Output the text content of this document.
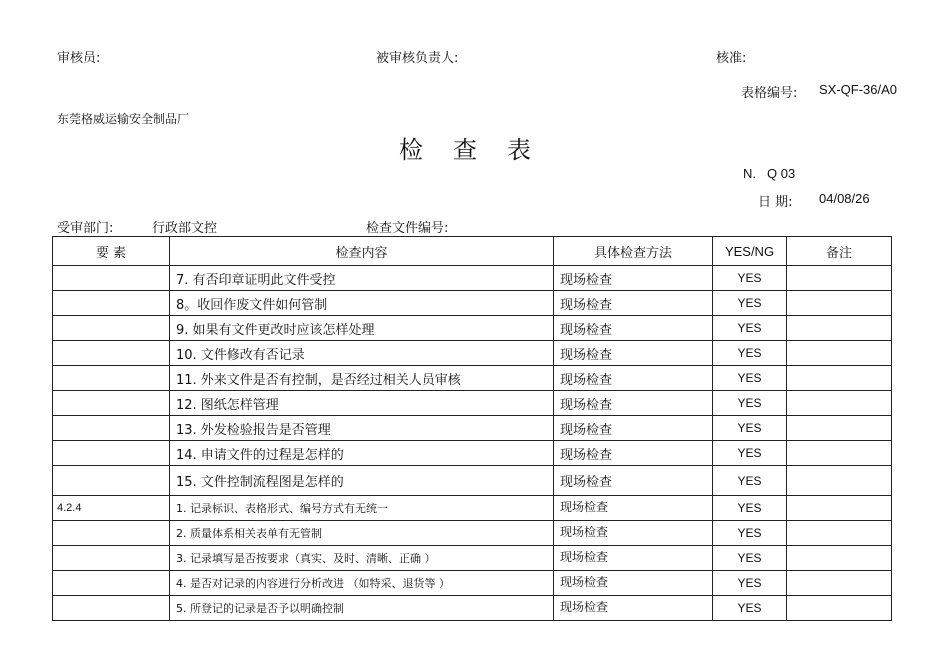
审核员:	被审核负责人:	核准:
表格编号: SX-QF-36/A0
东莞格威运输安全制品厂
检查表
N. Q 03
日 期: 04/08/26
受审部门:	行政部文控	检查文件编号:
要 素	检查内容	具体检查方法	YES/NG	备注
	7. 有否印章证明此文件受控	现场检查	YES	
	8。收回作废文件如何管制	现场检查	YES	
	9. 如果有文件更改时应该怎样处理	现场检查	YES	
	10. 文件修改有否记录	现场检查	YES	
	11. 外来文件是否有控制，是否经过相关人员审核	现场检查	YES	
	12. 图纸怎样管理	现场检查	YES	
	13. 外发检验报告是否管理	现场检查	YES	
	14. 申请文件的过程是怎样的	现场检查	YES	
	15. 文件控制流程图是怎样的	现场检查	YES	
4.2.4	1. 记录标识、表格形式、编号方式有无统一	现场检查	YES	
	2. 质量体系相关表单有无管制	现场检查	YES	
	3. 记录填写是否按要求（真实、及时、清晰、正确 ）	现场检查	YES	
	4. 是否对记录的内容进行分析改进 （如特采、退货等 ）	现场检查	YES	
	5. 所登记的记录是否予以明确控制	现场检查	YES	
